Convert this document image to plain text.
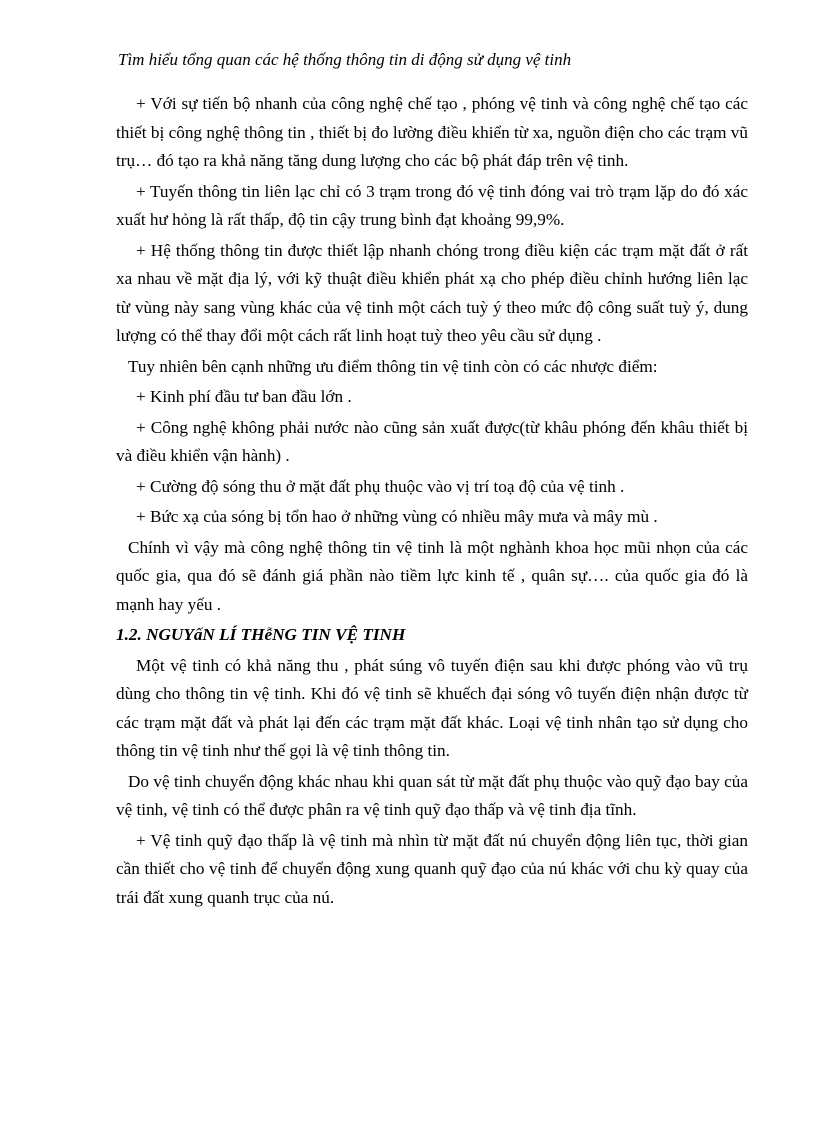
Tìm hiểu tổng quan các hệ thống thông tin di động sử dụng vệ tinh

+ Với sự tiến bộ nhanh của công nghệ chế tạo , phóng vệ tinh và công nghệ chế tạo các thiết bị công nghệ thông tin , thiết bị đo lường điều khiển từ xa, nguồn điện cho các trạm vũ trụ… đó tạo ra khả năng tăng dung lượng cho các bộ phát đáp trên vệ tinh.

+ Tuyến thông tin liên lạc chỉ có 3 trạm trong đó vệ tinh đóng vai trò trạm lặp do đó xác xuất hư hỏng là rất thấp, độ tin cậy trung bình đạt khoảng 99,9%.

+ Hệ thống thông tin được thiết lập nhanh chóng trong điều kiện các trạm mặt đất ở rất xa nhau về mặt địa lý, với kỹ thuật điều khiển phát xạ cho phép điều chỉnh hướng liên lạc từ vùng này sang vùng khác của vệ tinh một cách tuỳ ý theo mức độ công suất tuỳ ý, dung lượng có thể thay đổi một cách rất linh hoạt tuỳ theo yêu cầu sử dụng .

Tuy nhiên bên cạnh những ưu điểm thông tin vệ tinh còn có các nhược điểm:

+ Kinh phí đầu tư ban đầu lớn .

+ Công nghệ không phải nước nào cũng sản xuất được(từ khâu phóng đến khâu thiết bị và điều khiển vận hành) .

+ Cường độ sóng thu ở mặt đất phụ thuộc vào vị trí toạ độ của vệ tinh .

+ Bức xạ của sóng bị tổn hao ở những vùng có nhiều mây mưa và mây mù .

Chính vì vậy mà công nghệ thông tin vệ tinh là một nghành khoa học mũi nhọn của các quốc gia, qua đó sẽ đánh giá phần nào tiềm lực kinh tế , quân sự…. của quốc gia đó là mạnh hay yếu .

1.2. NGUYấN LÍ THễNG TIN VỆ TINH

Một vệ tinh có khả năng thu , phát súng vô tuyến điện sau khi được phóng vào vũ trụ dùng cho thông tin vệ tinh. Khi đó vệ tinh sẽ khuếch đại sóng vô tuyến điện nhận được từ các trạm mặt đất và phát lại đến các trạm mặt đất khác. Loại vệ tinh nhân tạo sử dụng cho thông tin vệ tinh như thế gọi là vệ tinh thông tin.

Do vệ tinh chuyển động khác nhau khi quan sát từ mặt đất phụ thuộc vào quỹ đạo bay của vệ tinh, vệ tinh có thể được phân ra vệ tinh quỹ đạo thấp và vệ tinh địa tĩnh.

+ Vệ tinh quỹ đạo thấp là vệ tinh mà nhìn từ mặt đất nú chuyển động liên tục, thời gian cần thiết cho vệ tinh để chuyển động xung quanh quỹ đạo của nú khác với chu kỳ quay của trái đất xung quanh trục của nú.
